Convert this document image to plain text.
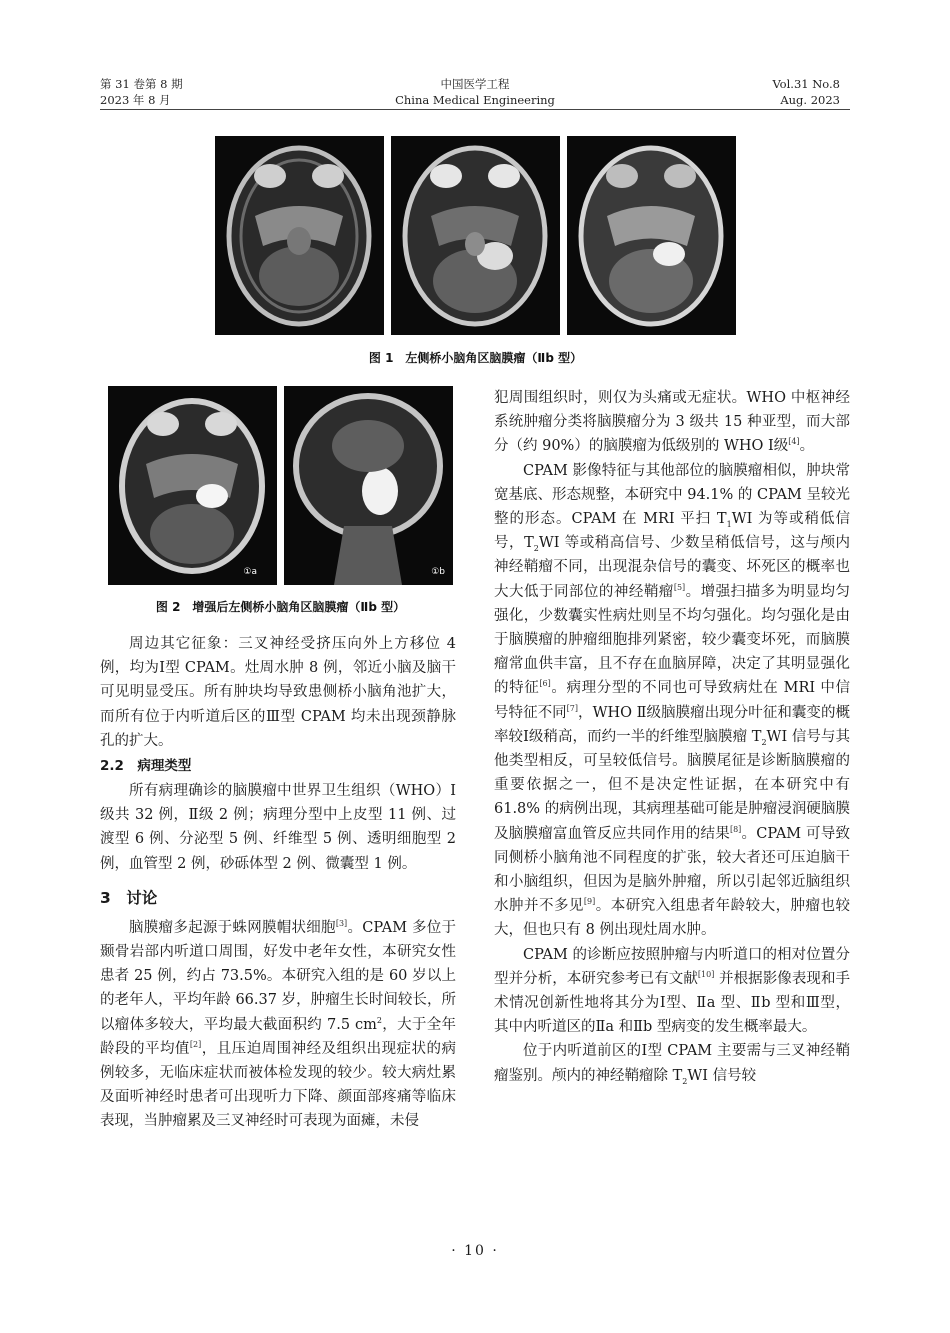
第 31 卷第 8 期
2023 年 8 月
中国医学工程
China Medical Engineering
Vol.31 No.8
Aug. 2023
图 1　左侧桥小脑角区脑膜瘤（Ⅱb 型）
①a	①b
图 2　增强后左侧桥小脑角区脑膜瘤（Ⅱb 型）

周边其它征象：三叉神经受挤压向外上方移位 4 例，均为Ⅰ型 CPAM。灶周水肿 8 例，邻近小脑及脑干可见明显受压。所有肿块均导致患侧桥小脑角池扩大，而所有位于内听道后区的Ⅲ型 CPAM 均未出现颈静脉孔的扩大。

2.2　病理类型

所有病理确诊的脑膜瘤中世界卫生组织（WHO）Ⅰ级共 32 例，Ⅱ级 2 例；病理分型中上皮型 11 例、过渡型 6 例、分泌型 5 例、纤维型 5 例、透明细胞型 2 例，血管型 2 例，砂砾体型 2 例、微囊型 1 例。

3　讨论

脑膜瘤多起源于蛛网膜帽状细胞[3]。CPAM 多位于颞骨岩部内听道口周围，好发中老年女性，本研究女性患者 25 例，约占 73.5%。本研究入组的是 60 岁以上的老年人，平均年龄 66.37 岁，肿瘤生长时间较长，所以瘤体多较大，平均最大截面积约 7.5 $cm^2$，大于全年龄段的平均值[2]，且压迫周围神经及组织出现症状的病例较多，无临床症状而被体检发现的较少。较大病灶累及面听神经时患者可出现听力下降、颜面部疼痛等临床表现，当肿瘤累及三叉神经时可表现为面瘫，未侵

犯周围组织时，则仅为头痛或无症状。WHO 中枢神经系统肿瘤分类将脑膜瘤分为 3 级共 15 种亚型，而大部分（约 90%）的脑膜瘤为低级别的 WHO Ⅰ级[4]。

CPAM 影像特征与其他部位的脑膜瘤相似，肿块常宽基底、形态规整，本研究中 94.1% 的 CPAM 呈较光整的形态。CPAM 在 MRI 平扫 $T_1WI$ 为等或稍低信号，$T_2WI$ 等或稍高信号、少数呈稍低信号，这与颅内神经鞘瘤不同，出现混杂信号的囊变、坏死区的概率也大大低于同部位的神经鞘瘤[5]。增强扫描多为明显均匀强化，少数囊实性病灶则呈不均匀强化。均匀强化是由于脑膜瘤的肿瘤细胞排列紧密，较少囊变坏死，而脑膜瘤常血供丰富，且不存在血脑屏障，决定了其明显强化的特征[6]。病理分型的不同也可导致病灶在 MRI 中信号特征不同[7]，WHO Ⅱ级脑膜瘤出现分叶征和囊变的概率较Ⅰ级稍高，而约一半的纤维型脑膜瘤 $T_2WI$ 信号与其他类型相反，可呈较低信号。脑膜尾征是诊断脑膜瘤的重要依据之一，但不是决定性证据，在本研究中有 61.8% 的病例出现，其病理基础可能是肿瘤浸润硬脑膜及脑膜瘤富血管反应共同作用的结果[8]。CPAM 可导致同侧桥小脑角池不同程度的扩张，较大者还可压迫脑干和小脑组织，但因为是脑外肿瘤，所以引起邻近脑组织水肿并不多见[9]。本研究入组患者年龄较大，肿瘤也较大，但也只有 8 例出现灶周水肿。

CPAM 的诊断应按照肿瘤与内听道口的相对位置分型并分析，本研究参考已有文献[10] 并根据影像表现和手术情况创新性地将其分为Ⅰ型、Ⅱa 型、Ⅱb 型和Ⅲ型，其中内听道区的Ⅱa 和Ⅱb 型病变的发生概率最大。

位于内听道前区的Ⅰ型 CPAM 主要需与三叉神经鞘瘤鉴别。颅内的神经鞘瘤除 $T_2WI$ 信号较

· 10 ·
